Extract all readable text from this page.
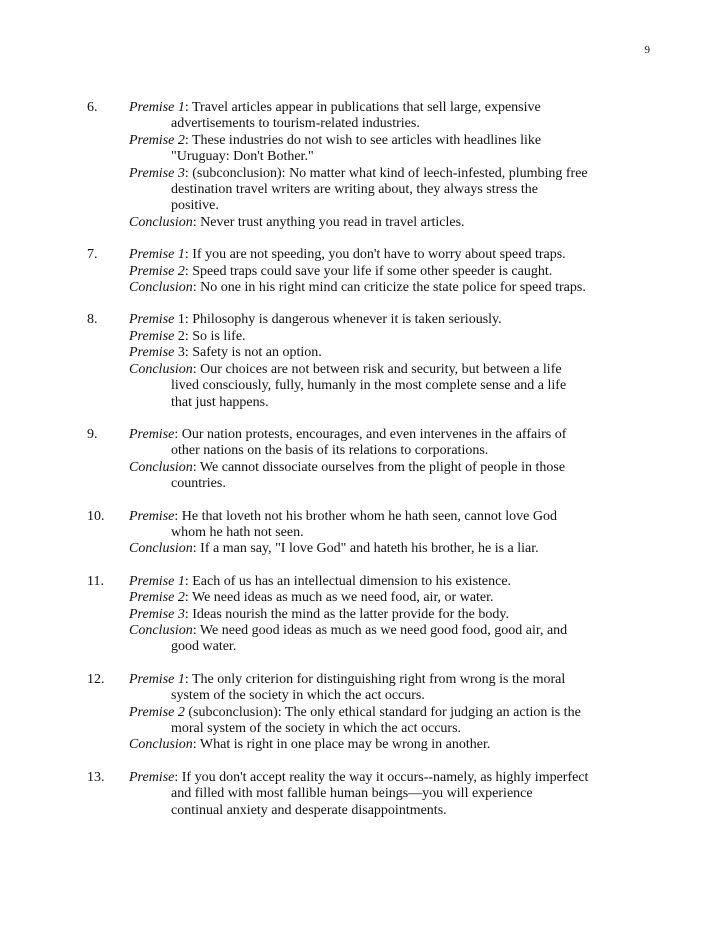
9
6. Premise 1: Travel articles appear in publications that sell large, expensive
advertisements to tourism-related industries.
Premise 2: These industries do not wish to see articles with headlines like
"Uruguay: Don't Bother."
Premise 3: (subconclusion): No matter what kind of leech-infested, plumbing free
destination travel writers are writing about, they always stress the
positive.
Conclusion: Never trust anything you read in travel articles.
7. Premise 1: If you are not speeding, you don't have to worry about speed traps.
Premise 2: Speed traps could save your life if some other speeder is caught.
Conclusion: No one in his right mind can criticize the state police for speed traps.
8. Premise 1: Philosophy is dangerous whenever it is taken seriously.
Premise 2: So is life.
Premise 3: Safety is not an option.
Conclusion: Our choices are not between risk and security, but between a life
lived consciously, fully, humanly in the most complete sense and a life
that just happens.
9. Premise: Our nation protests, encourages, and even intervenes in the affairs of
other nations on the basis of its relations to corporations.
Conclusion: We cannot dissociate ourselves from the plight of people in those
countries.
10. Premise: He that loveth not his brother whom he hath seen, cannot love God
whom he hath not seen.
Conclusion: If a man say, "I love God" and hateth his brother, he is a liar.
11. Premise 1: Each of us has an intellectual dimension to his existence.
Premise 2: We need ideas as much as we need food, air, or water.
Premise 3: Ideas nourish the mind as the latter provide for the body.
Conclusion: We need good ideas as much as we need good food, good air, and
good water.
12. Premise 1: The only criterion for distinguishing right from wrong is the moral
system of the society in which the act occurs.
Premise 2 (subconclusion): The only ethical standard for judging an action is the
moral system of the society in which the act occurs.
Conclusion: What is right in one place may be wrong in another.
13. Premise: If you don't accept reality the way it occurs--namely, as highly imperfect
and filled with most fallible human beings—you will experience
continual anxiety and desperate disappointments.
